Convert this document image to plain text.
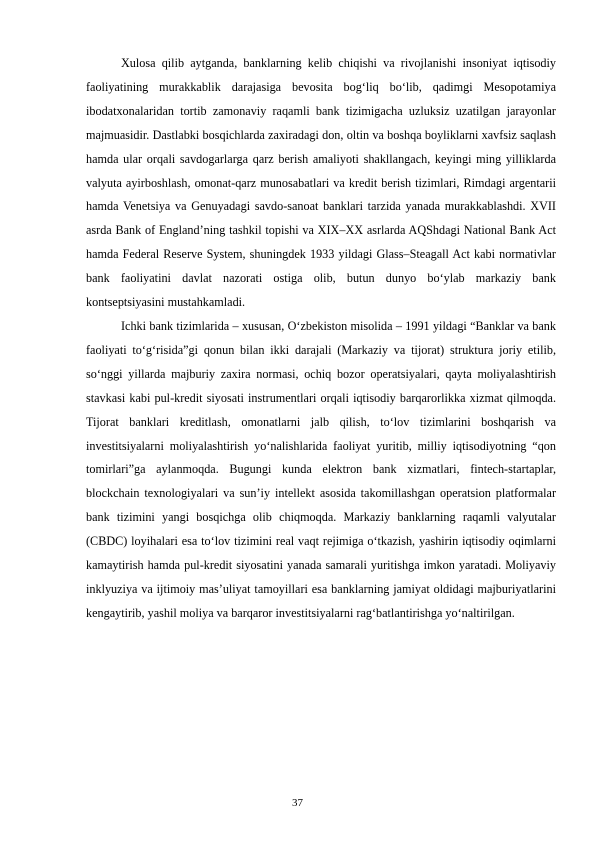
Xulosa qilib aytganda, banklarning kelib chiqishi va rivojlanishi insoniyat iqtisodiy faoliyatining murakkablik darajasiga bevosita bog‘liq bo‘lib, qadimgi Mesopotamiya ibodatxonalaridan tortib zamonaviy raqamli bank tizimigacha uzluksiz uzatilgan jarayonlar majmuasidir. Dastlabki bosqichlarda zaxiradagi don, oltin va boshqa boyliklarni xavfsiz saqlash hamda ular orqali savdogarlarga qarz berish amaliyoti shakllangach, keyingi ming yilliklarda valyuta ayirboshlash, omonat-qarz munosabatlari va kredit berish tizimlari, Rimdagi argentarii hamda Venetsiya va Genuyadagi savdo-sanoat banklari tarzida yanada murakkablashdi. XVII asrda Bank of England’ning tashkil topishi va XIX–XX asrlarda AQShdagi National Bank Act hamda Federal Reserve System, shuningdek 1933 yildagi Glass–Steagall Act kabi normativlar bank faoliyatini davlat nazorati ostiga olib, butun dunyo bo‘ylab markaziy bank kontseptsiyasini mustahkamladi.

Ichki bank tizimlarida – xususan, O‘zbekiston misolida – 1991 yildagi “Banklar va bank faoliyati to‘g‘risida”gi qonun bilan ikki darajali (Markaziy va tijorat) struktura joriy etilib, so‘nggi yillarda majburiy zaxira normasi, ochiq bozor operatsiyalari, qayta moliyalashtirish stavkasi kabi pul-kredit siyosati instrumentlari orqali iqtisodiy barqarorlikka xizmat qilmoqda. Tijorat banklari kreditlash, omonatlarni jalb qilish, to‘lov tizimlarini boshqarish va investitsiyalarni moliyalashtirish yo‘nalishlarida faoliyat yuritib, milliy iqtisodiyotning “qon tomirlari”ga aylanmoqda. Bugungi kunda elektron bank xizmatlari, fintech-startaplar, blockchain texnologiyalari va sun’iy intellekt asosida takomillashgan operatsion platformalar bank tizimini yangi bosqichga olib chiqmoqda. Markaziy banklarning raqamli valyutalar (CBDC) loyihalari esa to‘lov tizimini real vaqt rejimiga o‘tkazish, yashirin iqtisodiy oqimlarni kamaytirish hamda pul-kredit siyosatini yanada samarali yuritishga imkon yaratadi. Moliyaviy inklyuziya va ijtimoiy mas’uliyat tamoyillari esa banklarning jamiyat oldidagi majburiyatlarini kengaytirib, yashil moliya va barqaror investitsiyalarni rag‘batlantirishga yo‘naltirilgan.

37
